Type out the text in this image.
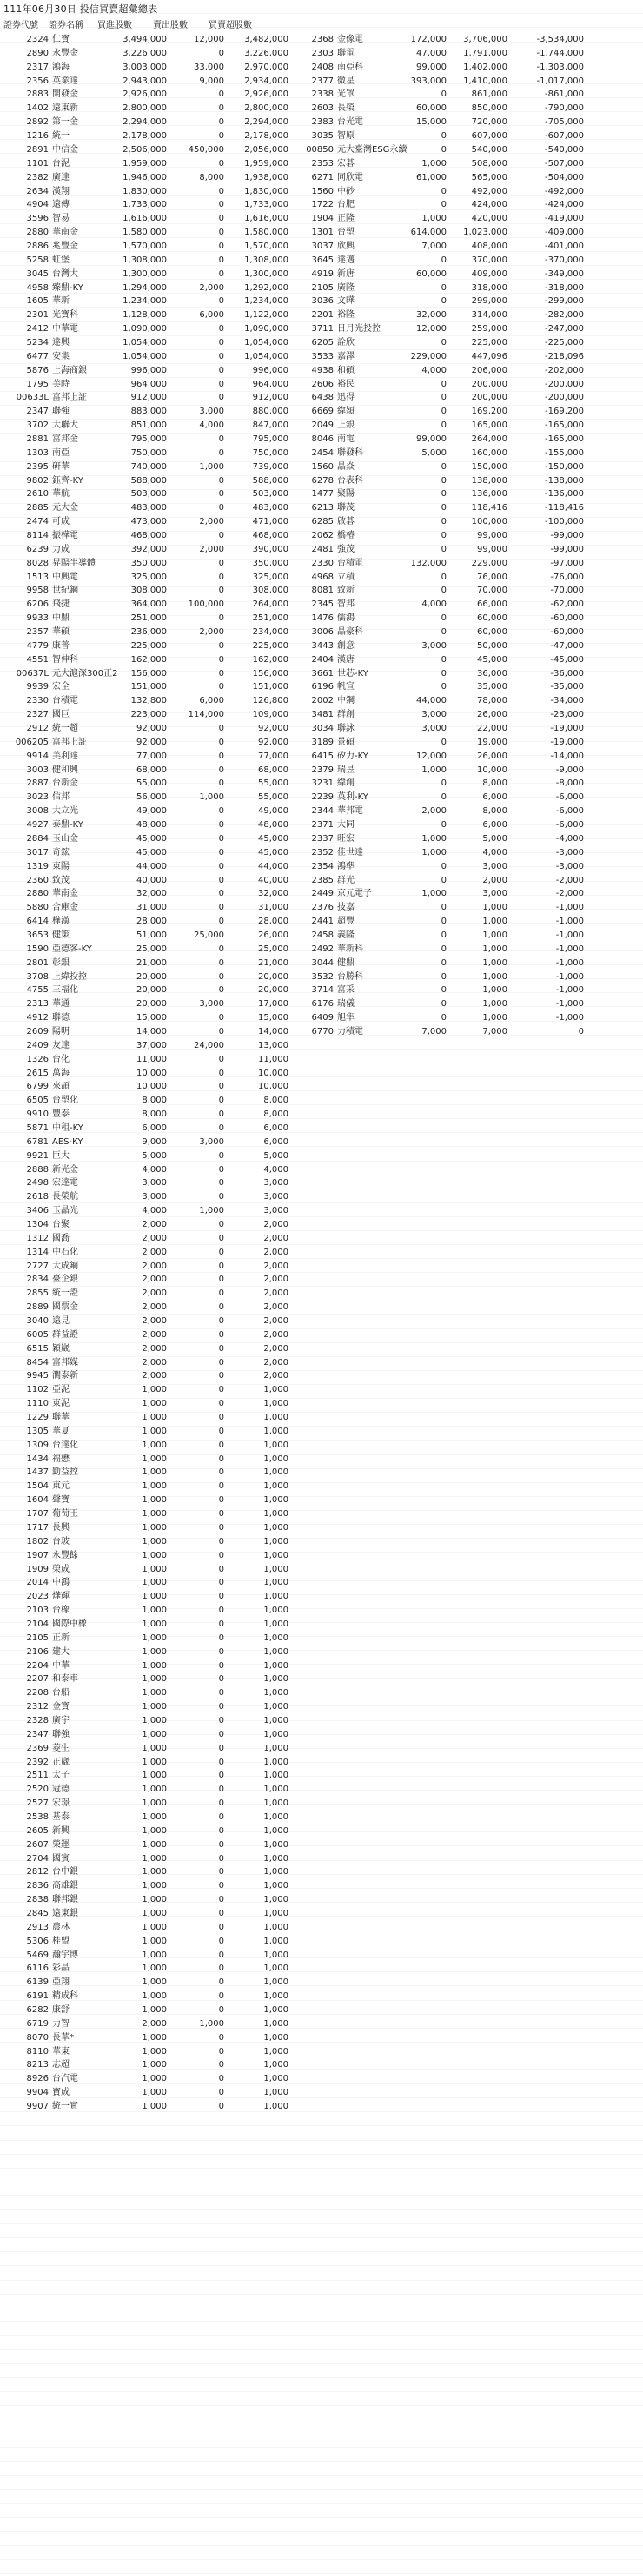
111年06月30日 投信買賣超彙總表
證券代號	證券名稱	買進股數	賣出股數	買賣超股數
2324 仁寶	3,494,000	12,000	3,482,000
2890 永豐金	3,226,000	0	3,226,000
2317 鴻海	3,003,000	33,000	2,970,000
2356 英業達	2,943,000	9,000	2,934,000
2883 開發金	2,926,000	0	2,926,000
1402 遠東新	2,800,000	0	2,800,000
2892 第一金	2,294,000	0	2,294,000
1216 統一	2,178,000	0	2,178,000
2891 中信金	2,506,000	450,000	2,056,000
1101 台泥	1,959,000	0	1,959,000
2382 廣達	1,946,000	8,000	1,938,000
2634 漢翔	1,830,000	0	1,830,000
4904 遠傳	1,733,000	0	1,733,000
3596 智易	1,616,000	0	1,616,000
2880 華南金	1,580,000	0	1,580,000
2886 兆豐金	1,570,000	0	1,570,000
5258 虹堡	1,308,000	0	1,308,000
3045 台灣大	1,300,000	0	1,300,000
4958 臻鼎-KY	1,294,000	2,000	1,292,000
1605 華新	1,234,000	0	1,234,000
2301 光寶科	1,128,000	6,000	1,122,000
2412 中華電	1,090,000	0	1,090,000
5234 達興	1,054,000	0	1,054,000
6477 安集	1,054,000	0	1,054,000
5876 上海商銀	996,000	0	996,000
1795 美時	964,000	0	964,000
00633L 富邦上証	912,000	0	912,000
2347 聯強	883,000	3,000	880,000
3702 大聯大	851,000	4,000	847,000
2881 富邦金	795,000	0	795,000
1303 南亞	750,000	0	750,000
2395 研華	740,000	1,000	739,000
9802 鈺齊-KY	588,000	0	588,000
2610 華航	503,000	0	503,000
2885 元大金	483,000	0	483,000
2474 可成	473,000	2,000	471,000
8114 振樺電	468,000	0	468,000
6239 力成	392,000	2,000	390,000
8028 昇陽半導體	350,000	0	350,000
1513 中興電	325,000	0	325,000
9958 世紀鋼	308,000	0	308,000
6206 飛捷	364,000	100,000	264,000
9933 中鼎	251,000	0	251,000
2357 華碩	236,000	2,000	234,000
4779 康普	225,000	0	225,000
4551 智伸科	162,000	0	162,000
00637L 元大滬深300正2	156,000	0	156,000
9939 宏全	151,000	0	151,000
2330 台積電	132,800	6,000	126,800
2327 國巨	223,000	114,000	109,000
2912 統一超	92,000	0	92,000
006205 富邦上証	92,000	0	92,000
9914 美利達	77,000	0	77,000
3003 健和興	68,000	0	68,000
2887 台新金	55,000	0	55,000
3023 信邦	56,000	1,000	55,000
3008 大立光	49,000	0	49,000
4927 泰鼎-KY	48,000	0	48,000
2884 玉山金	45,000	0	45,000
3017 奇鋐	45,000	0	45,000
1319 東陽	44,000	0	44,000
2360 致茂	40,000	0	40,000
2880 華南金	32,000	0	32,000
5880 合庫金	31,000	0	31,000
6414 樺漢	28,000	0	28,000
3653 健策	51,000	25,000	26,000
1590 亞德客-KY	25,000	0	25,000
2801 彰銀	21,000	0	21,000
3708 上緯投控	20,000	0	20,000
4755 三福化	20,000	0	20,000
2313 華通	20,000	3,000	17,000
4912 聯德	15,000	0	15,000
2609 陽明	14,000	0	14,000
2409 友達	37,000	24,000	13,000
1326 台化	11,000	0	11,000
2615 萬海	10,000	0	10,000
6799 來頡	10,000	0	10,000
6505 台塑化	8,000	0	8,000
9910 豐泰	8,000	0	8,000
5871 中租-KY	6,000	0	6,000
6781 AES-KY	9,000	3,000	6,000
9921 巨大	5,000	0	5,000
2888 新光金	4,000	0	4,000
2498 宏達電	3,000	0	3,000
2618 長榮航	3,000	0	3,000
3406 玉晶光	4,000	1,000	3,000
1304 台聚	2,000	0	2,000
1312 國喬	2,000	0	2,000
1314 中石化	2,000	0	2,000
2727 大成鋼	2,000	0	2,000
2834 臺企銀	2,000	0	2,000
2855 統一證	2,000	0	2,000
2889 國票金	2,000	0	2,000
3040 遠見	2,000	0	2,000
6005 群益證	2,000	0	2,000
6515 穎崴	2,000	0	2,000
8454 富邦媒	2,000	0	2,000
9945 潤泰新	2,000	0	2,000
1102 亞泥	1,000	0	1,000
1110 東泥	1,000	0	1,000
1229 聯華	1,000	0	1,000
1305 華夏	1,000	0	1,000
1309 台達化	1,000	0	1,000
1434 福懋	1,000	0	1,000
1437 勤益控	1,000	0	1,000
1504 東元	1,000	0	1,000
1604 聲寶	1,000	0	1,000
1707 葡萄王	1,000	0	1,000
1717 長興	1,000	0	1,000
1802 台玻	1,000	0	1,000
1907 永豐餘	1,000	0	1,000
1909 榮成	1,000	0	1,000
2014 中鴻	1,000	0	1,000
2023 燁輝	1,000	0	1,000
2103 台橡	1,000	0	1,000
2104 國際中橡	1,000	0	1,000
2105 正新	1,000	0	1,000
2106 建大	1,000	0	1,000
2204 中華	1,000	0	1,000
2207 和泰車	1,000	0	1,000
2208 台船	1,000	0	1,000
2312 金寶	1,000	0	1,000
2328 廣宇	1,000	0	1,000
2347 聯強	1,000	0	1,000
2369 菱生	1,000	0	1,000
2392 正崴	1,000	0	1,000
2511 太子	1,000	0	1,000
2520 冠德	1,000	0	1,000
2527 宏璟	1,000	0	1,000
2538 基泰	1,000	0	1,000
2605 新興	1,000	0	1,000
2607 榮運	1,000	0	1,000
2704 國賓	1,000	0	1,000
2812 台中銀	1,000	0	1,000
2836 高雄銀	1,000	0	1,000
2838 聯邦銀	1,000	0	1,000
2845 遠東銀	1,000	0	1,000
2913 農林	1,000	0	1,000
5306 桂盟	1,000	0	1,000
5469 瀚宇博	1,000	0	1,000
6116 彩晶	1,000	0	1,000
6139 亞翔	1,000	0	1,000
6191 精成科	1,000	0	1,000
6282 康舒	1,000	0	1,000
6719 力智	2,000	1,000	1,000
8070 長華*	1,000	0	1,000
8110 華東	1,000	0	1,000
8213 志超	1,000	0	1,000
8926 台汽電	1,000	0	1,000
9904 寶成	1,000	0	1,000
9907 統一實	1,000	0	1,000
2368 金像電	172,000	3,706,000	-3,534,000
2303 聯電	47,000	1,791,000	-1,744,000
2408 南亞科	99,000	1,402,000	-1,303,000
2377 微星	393,000	1,410,000	-1,017,000
2338 光罩	0	861,000	-861,000
2603 長榮	60,000	850,000	-790,000
2383 台光電	15,000	720,000	-705,000
3035 智原	0	607,000	-607,000
00850 元大臺灣ESG永續	0	540,000	-540,000
2353 宏碁	1,000	508,000	-507,000
6271 同欣電	61,000	565,000	-504,000
1560 中砂	0	492,000	-492,000
1722 台肥	0	424,000	-424,000
1904 正隆	1,000	420,000	-419,000
1301 台塑	614,000	1,023,000	-409,000
3037 欣興	7,000	408,000	-401,000
3645 達邁	0	370,000	-370,000
4919 新唐	60,000	409,000	-349,000
2105 廣隆	0	318,000	-318,000
3036 文曄	0	299,000	-299,000
2201 裕隆	32,000	314,000	-282,000
3711 日月光投控	12,000	259,000	-247,000
6205 詮欣	0	225,000	-225,000
3533 嘉澤	229,000	447,096	-218,096
4938 和碩	4,000	206,000	-202,000
2606 裕民	0	200,000	-200,000
6438 迅得	0	200,000	-200,000
6669 緯穎	0	169,200	-169,200
2049 上銀	0	165,000	-165,000
8046 南電	99,000	264,000	-165,000
2454 聯發科	5,000	160,000	-155,000
1560 晶焱	0	150,000	-150,000
6278 台表科	0	138,000	-138,000
1477 聚陽	0	136,000	-136,000
6213 聯茂	0	118,416	-118,416
6285 啟碁	0	100,000	-100,000
2062 橋椿	0	99,000	-99,000
2481 強茂	0	99,000	-99,000
2330 台積電	132,000	229,000	-97,000
4968 立積	0	76,000	-76,000
8081 致新	0	70,000	-70,000
2345 智邦	4,000	66,000	-62,000
1476 儒鴻	0	60,000	-60,000
3006 晶豪科	0	60,000	-60,000
3443 創意	3,000	50,000	-47,000
2404 漢唐	0	45,000	-45,000
3661 世芯-KY	0	36,000	-36,000
6196 帆宣	0	35,000	-35,000
2002 中鋼	44,000	78,000	-34,000
3481 群創	3,000	26,000	-23,000
3034 聯詠	3,000	22,000	-19,000
3189 景碩	0	19,000	-19,000
6415 矽力-KY	12,000	26,000	-14,000
2379 瑞昱	1,000	10,000	-9,000
3231 緯創	0	8,000	-8,000
2239 英利-KY	0	6,000	-6,000
2344 華邦電	2,000	8,000	-6,000
2371 大同	0	6,000	-6,000
2337 旺宏	1,000	5,000	-4,000
2352 佳世達	1,000	4,000	-3,000
2354 鴻準	0	3,000	-3,000
2385 群光	0	2,000	-2,000
2449 京元電子	1,000	3,000	-2,000
2376 技嘉	0	1,000	-1,000
2441 超豐	0	1,000	-1,000
2458 義隆	0	1,000	-1,000
2492 華新科	0	1,000	-1,000
3044 健鼎	0	1,000	-1,000
3532 台勝科	0	1,000	-1,000
3714 富采	0	1,000	-1,000
6176 瑞儀	0	1,000	-1,000
6409 旭隼	0	1,000	-1,000
6770 力積電	7,000	7,000	0
